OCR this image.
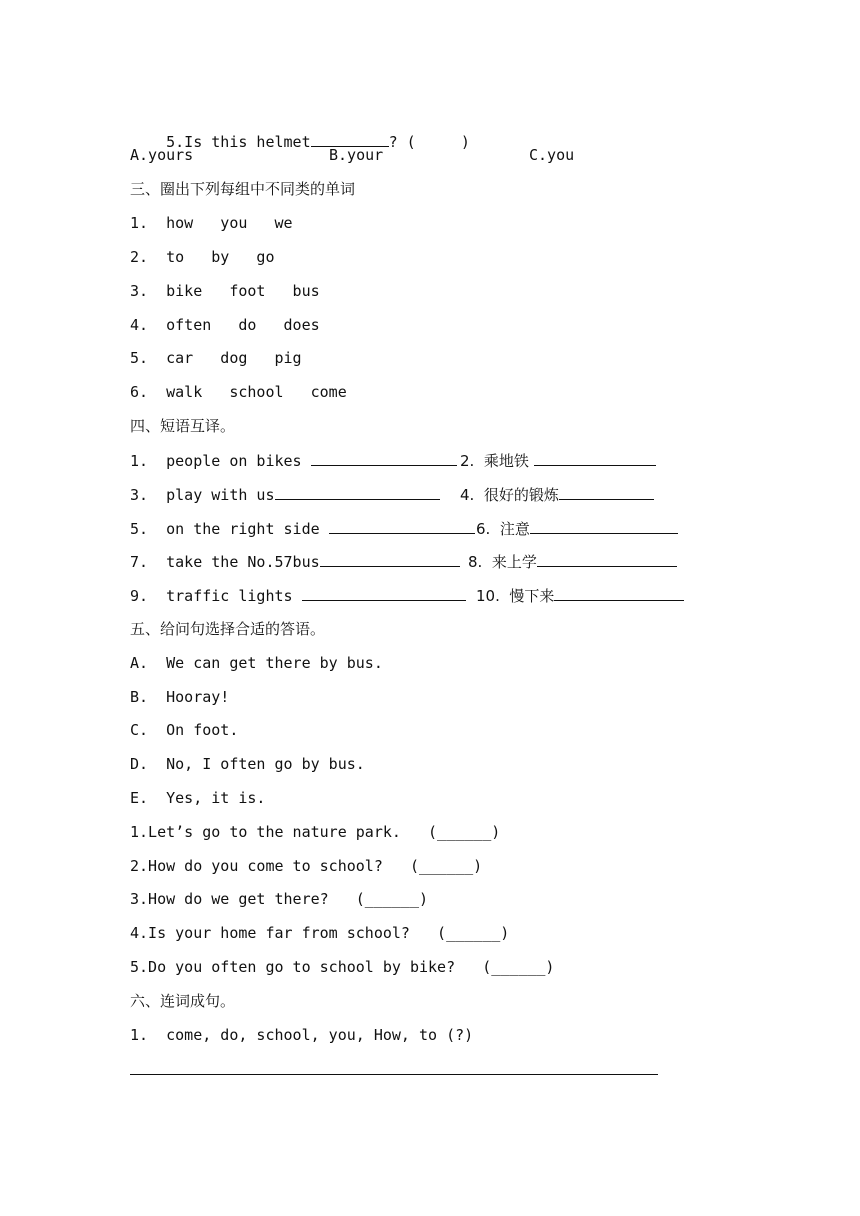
5.Is this helmet	? (     )

A.yours	B.your	C.you
三、圈出下列每组中不同类的单词
1.  how   you   we
2.  to   by   go
3.  bike   foot   bus
4.  often   do   does
5.  car   dog   pig
6.  walk   school   come
四、短语互译。
1.  people on bikes	2.  乘地铁
3.  play with us	4.  很好的锻炼
5.  on the right side	6.  注意
7.  take the No.57bus	8.  来上学
9.  traffic lights	10.  慢下来
五、给问句选择合适的答语。
A.  We can get there by bus.
B.  Hooray!
C.  On foot.
D.  No, I often go by bus.
E.  Yes, it is.
1.Let’s go to the nature park.   (______)
2.How do you come to school?   (______)
3.How do we get there?   (______)
4.Is your home far from school?   (______)
5.Do you often go to school by bike?   (______)
六、连词成句。
1.  come, do, school, you, How, to (?)
